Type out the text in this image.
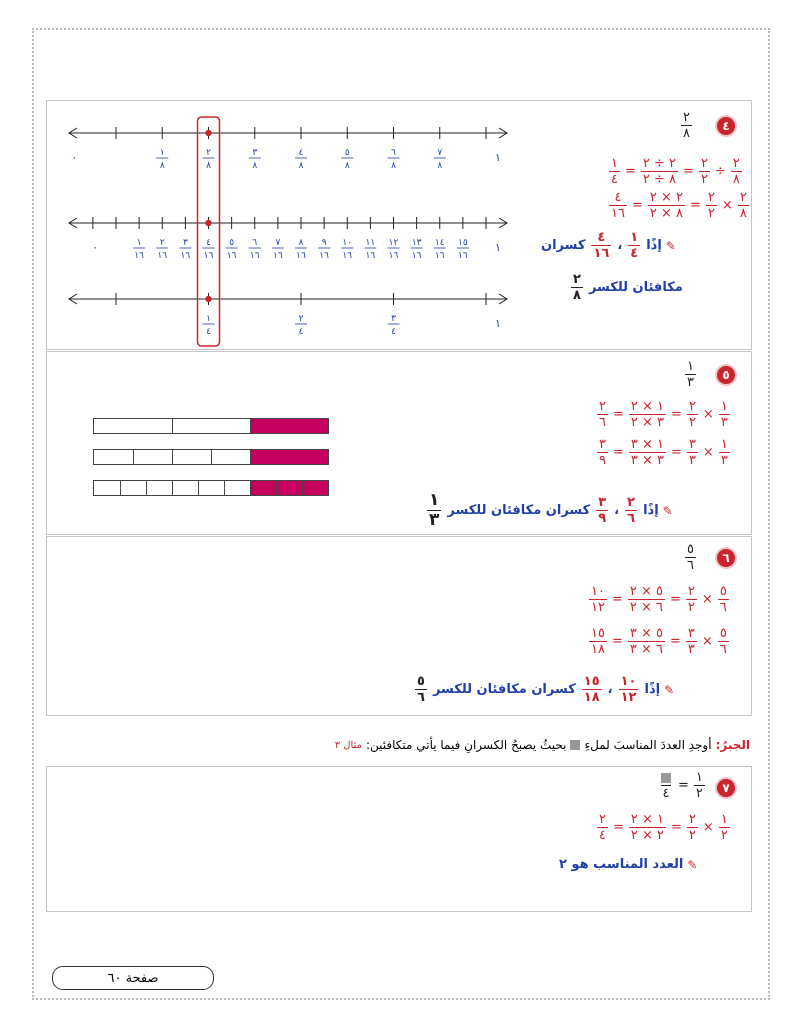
١
٨
٢
٨
٣
٨
٤
٨
٥
٨
٦
٨
٧
٨
٠	١
١
١٦
٢
١٦
٣
١٦
٤
١٦
٥
١٦
٦
١٦
٧
١٦
٨
١٦
٩
١٦
١٠
١٦
١١
١٦
١٢
١٦
١٣
١٦
١٤
١٦
١٥
١٦
٠	١
١
٤
٢
٤
٣
٤
١
٤
$\frac{٢}{٨}$
$\frac{١}{٤} = \frac{٢ \div ٢}{٨ \div ٢} = \frac{٢}{٢} \div \frac{٢}{٨}$
$\frac{٤}{١٦} = \frac{٢ \times ٢}{٨ \times ٢} = \frac{٢}{٢} \times \frac{٢}{٨}$
✎
إذًا
$\frac{١}{٤}$
،
$\frac{٤}{١٦}$
كسران
مكافئان للكسر
$\frac{٢}{٨}$
٥
$\frac{١}{٣}$
$\frac{٢}{٦} = \frac{١ \times ٢}{٣ \times ٢} = \frac{٢}{٢} \times \frac{١}{٣}$
$\frac{٣}{٩} = \frac{١ \times ٣}{٣ \times ٣} = \frac{٣}{٣} \times \frac{١}{٣}$
✎
إذًا
$\frac{٢}{٦}$
،
$\frac{٣}{٩}$
كسران مكافئان للكسر
$\frac{١}{٣}$
٦
$\frac{٥}{٦}$
$\frac{١٠}{١٢} = \frac{٥ \times ٢}{٦ \times ٢} = \frac{٢}{٢} \times \frac{٥}{٦}$
$\frac{١٥}{١٨} = \frac{٥ \times ٣}{٦ \times ٣} = \frac{٣}{٣} \times \frac{٥}{٦}$
✎
إذًا
$\frac{١٠}{١٢}$
،
$\frac{١٥}{١٨}$
كسران مكافئان للكسر
$\frac{٥}{٦}$
الجبرُ:
أوجدِ العددَ المناسبَ لملءِ
بحيثُ يصبحُ الكسرانِ فيما يأتي متكافئين:
مثال ٣
٧
٤
= $\frac{١}{٢}$
$\frac{٢}{٤} = \frac{١ \times ٢}{٢ \times ٢} = \frac{٢}{٢} \times \frac{١}{٢}$
✎
العدد المناسب هو ٢
صفحة ٦٠
